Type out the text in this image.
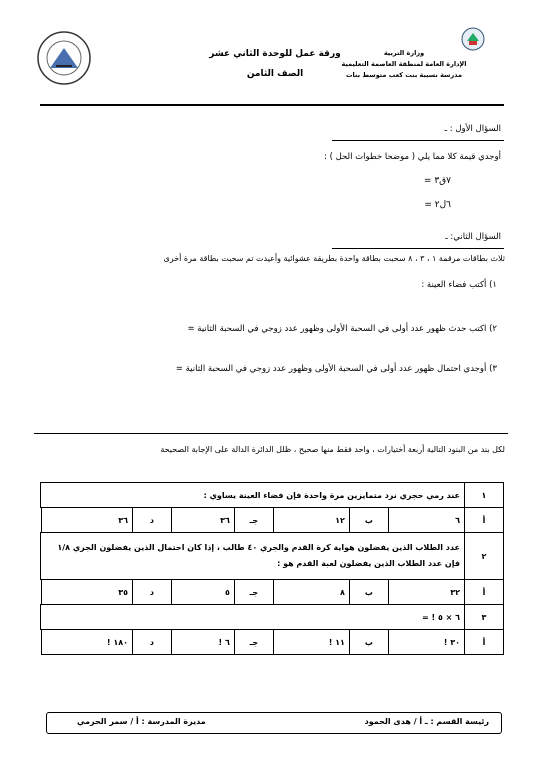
وزارة التربية
الإدارة العامة لمنطقة العاصمة التعليمية
مدرسة نسيبة بنت كعب متوسط بنات
ورقة عمل للوحدة الثاني عشر
الصف الثامن
السؤال الأول : ـ
أوجدي قيمة كلا مما يلي ( موضحا خطوات الحل ) :
٧ق٣ =
٦ل٢ =
السؤال الثاني: ـ
ثلاث بطاقات مرقمة ١ ، ٣ ، ٨ سحبت بطاقة واحدة بطريقة عشوائية وأعيدت تم سحبت بطاقة مرة أخرى
١) أكتب فضاء العينة :
٢) اكتب حدث ظهور عدد أولى في السحبة الأولى وظهور عدد زوجي في السحبة الثانية =
٣) أوجدي احتمال ظهور عدد أولى في السحبة الأولى وظهور عدد زوجي في السحبة الثانية =
لكل بند من البنود التالية أربعة أختيارات ، واحد فقط منها صحيح ، ظلل الدائرة الدالة على الإجابة الصحيحة
١	عند رمي حجري نرد متمايزين مرة واحدة فإن فضاء العينة يساوي :							
أ	٦	ب	١٢	جـ	٣٦	د	٣٦	
٢	عدد الطلاب الذين يفضلون هواية كرة القدم والجري ٤٠ طالب ، إذا كان احتمال الذين يفضلون الجري ١/٨ فإن عدد الطلاب الذين يفضلون لعبة القدم هو :							
أ	٣٢	ب	٨	جـ	٥	د	٣٥	
٣	٦ × ٥ ! =							
أ	٣٠ !	ب	١١ !	جـ	٦ !	د	١٨٠ !	
رئيسة القسم : ـ أ / هدى الحمود
مديرة المدرسة : أ / سمر الحرمي
